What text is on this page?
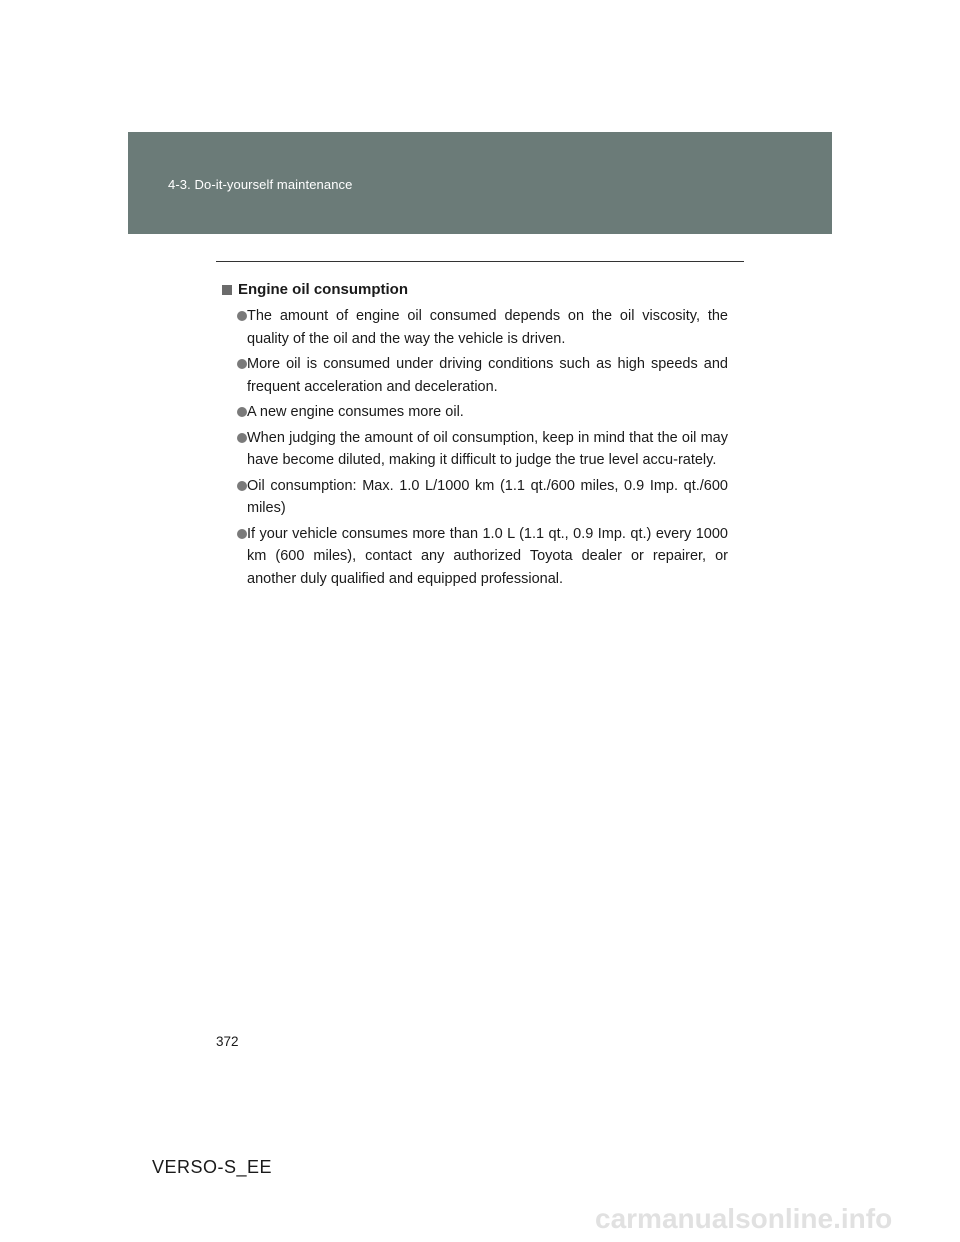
4-3. Do-it-yourself maintenance
Engine oil consumption
The amount of engine oil consumed depends on the oil viscosity, the quality of the oil and the way the vehicle is driven.
More oil is consumed under driving conditions such as high speeds and frequent acceleration and deceleration.
A new engine consumes more oil.
When judging the amount of oil consumption, keep in mind that the oil may have become diluted, making it difficult to judge the true level accu-rately.
Oil consumption: Max. 1.0 L/1000 km (1.1 qt./600 miles, 0.9 Imp. qt./600 miles)
If your vehicle consumes more than 1.0 L (1.1 qt., 0.9 Imp. qt.) every 1000 km (600 miles), contact any authorized Toyota dealer or repairer, or another duly qualified and equipped professional.
372
VERSO-S_EE
carmanualsonline.info
